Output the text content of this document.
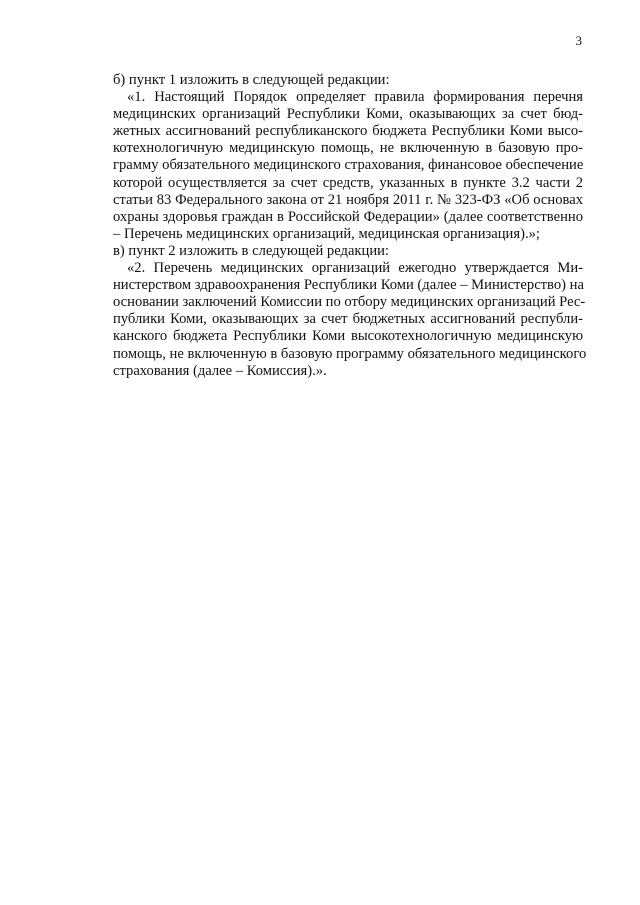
3
б) пункт 1 изложить в следующей редакции:
«1. Настоящий Порядок определяет правила формирования перечня
медицинских организаций Республики Коми, оказывающих за счет бюд-
жетных ассигнований республиканского бюджета Республики Коми высо-
котехнологичную медицинскую помощь, не включенную в базовую про-
грамму обязательного медицинского страхования, финансовое обеспечение
которой осуществляется за счет средств, указанных в пункте 3.2 части 2
статьи 83 Федерального закона от 21 ноября 2011 г. № 323-ФЗ «Об основах
охраны здоровья граждан в Российской Федерации» (далее соответственно
– Перечень медицинских организаций, медицинская организация).»;
в) пункт 2 изложить в следующей редакции:
«2. Перечень медицинских организаций ежегодно утверждается Ми-
нистерством здравоохранения Республики Коми (далее – Министерство) на
основании заключений Комиссии по отбору медицинских организаций Рес-
публики Коми, оказывающих за счет бюджетных ассигнований республи-
канского бюджета Республики Коми высокотехнологичную медицинскую
помощь, не включенную в базовую программу обязательного медицинского
страхования (далее – Комиссия).».
